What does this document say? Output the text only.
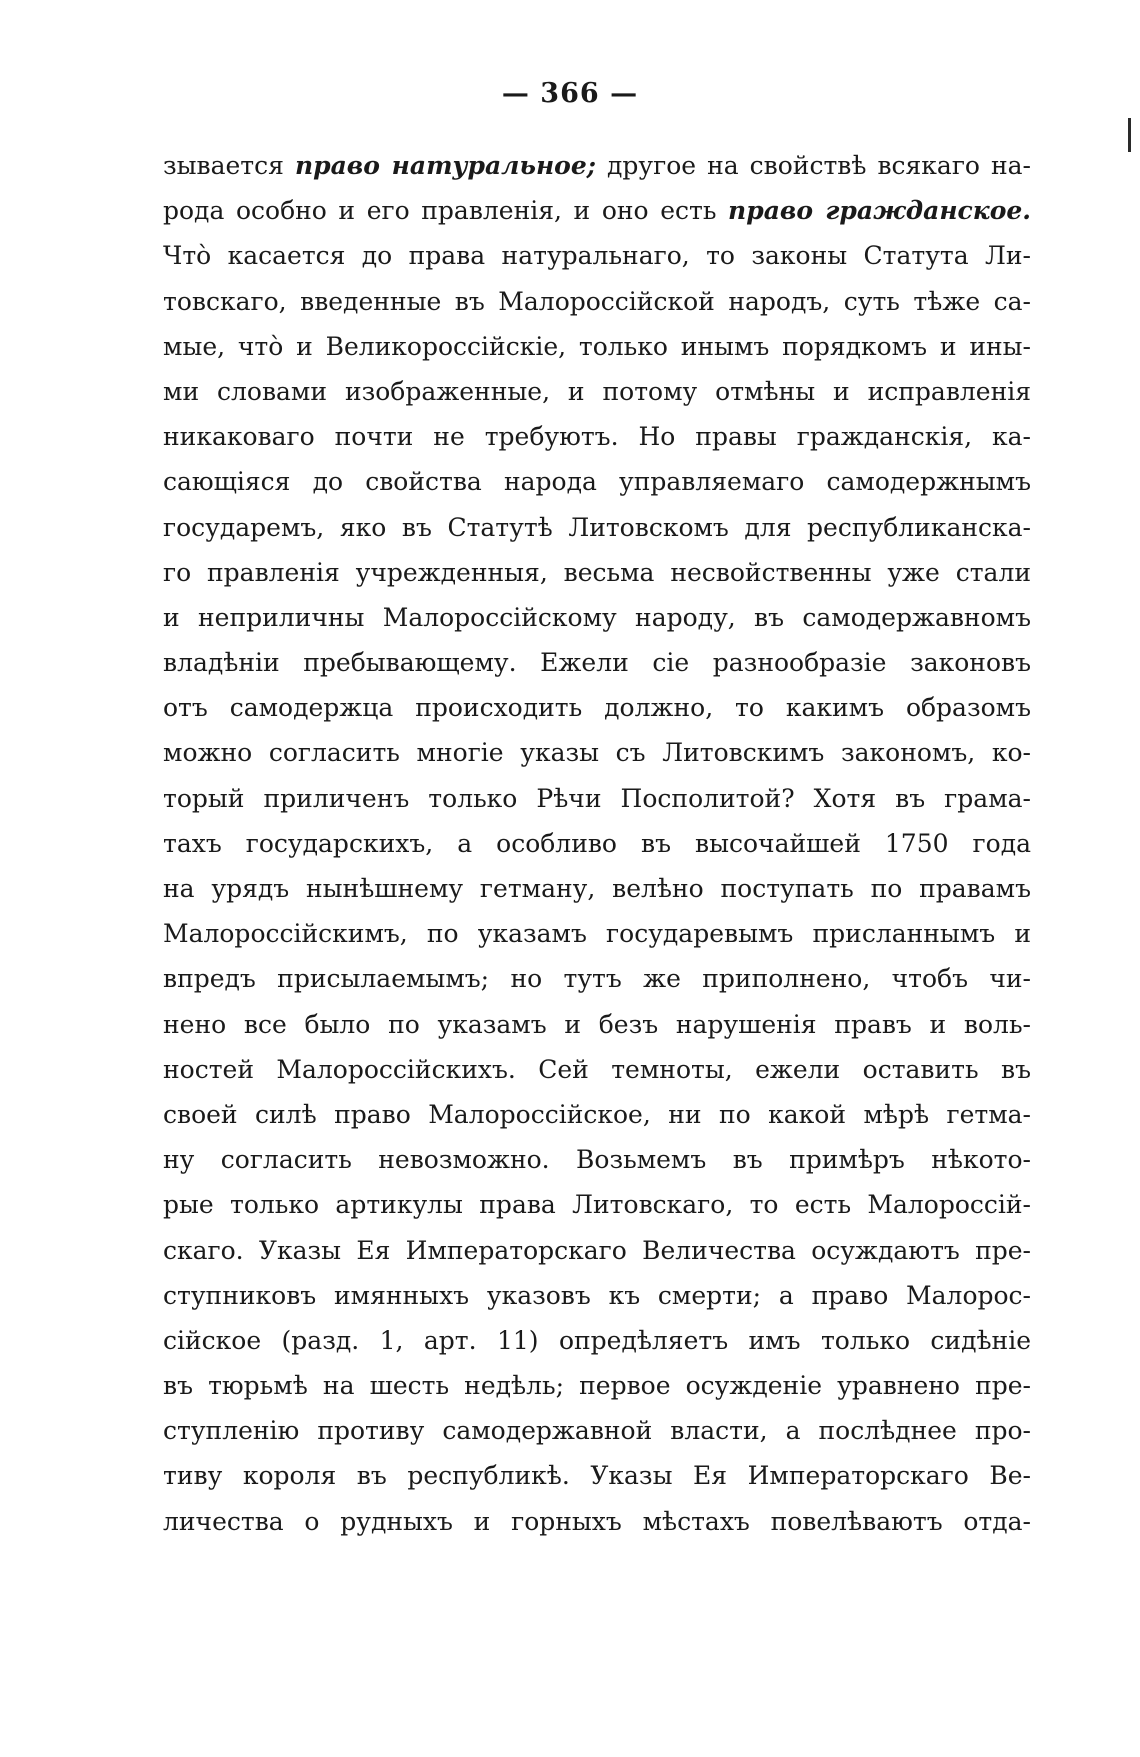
— 366 —
зывается право натуральное; другое на свойствѣ всякаго на-
рода особно и его правленія, и оно есть право гражданское.
Чтò касается до права натуральнаго, то законы Статута Ли-
товскаго, введенные въ Малороссійской народъ, суть тѣже са-
мые, чтò и Великороссійскіе, только инымъ порядкомъ и ины-
ми словами изображенные, и потому отмѣны и исправленія
никаковаго почти не требуютъ. Но правы гражданскія, ка-
сающіяся до свойства народа управляемаго самодержнымъ
государемъ, яко въ Статутѣ Литовскомъ для республиканска-
го правленія учрежденныя, весьма несвойственны уже стали
и неприличны Малороссійскому народу, въ самодержавномъ
владѣніи пребывающему. Ежели сіе разнообразіе законовъ
отъ самодержца происходить должно, то какимъ образомъ
можно согласить многіе указы съ Литовскимъ закономъ, ко-
торый приличенъ только Рѣчи Посполитой? Хотя въ грама-
тахъ государскихъ, а особливо въ высочайшей 1750 года
на урядъ нынѣшнему гетману, велѣно поступать по правамъ
Малороссійскимъ, по указамъ государевымъ присланнымъ и
впредъ присылаемымъ; но тутъ же приполнено, чтобъ чи-
нено все было по указамъ и безъ нарушенія правъ и воль-
ностей Малороссійскихъ. Сей темноты, ежели оставить въ
своей силѣ право Малороссійское, ни по какой мѣрѣ гетма-
ну согласить невозможно. Возьмемъ въ примѣръ нѣкото-
рые только артикулы права Литовскаго, то есть Малороссій-
скаго. Указы Ея Императорскаго Величества осуждаютъ пре-
ступниковъ имянныхъ указовъ къ смерти; а право Малорос-
сійское (разд. 1, арт. 11) опредѣляетъ имъ только сидѣніе
въ тюрьмѣ на шесть недѣль; первое осужденіе уравнено пре-
ступленію противу самодержавной власти, а послѣднее про-
тиву короля въ республикѣ. Указы Ея Императорскаго Ве-
личества о рудныхъ и горныхъ мѣстахъ повелѣваютъ отда-
